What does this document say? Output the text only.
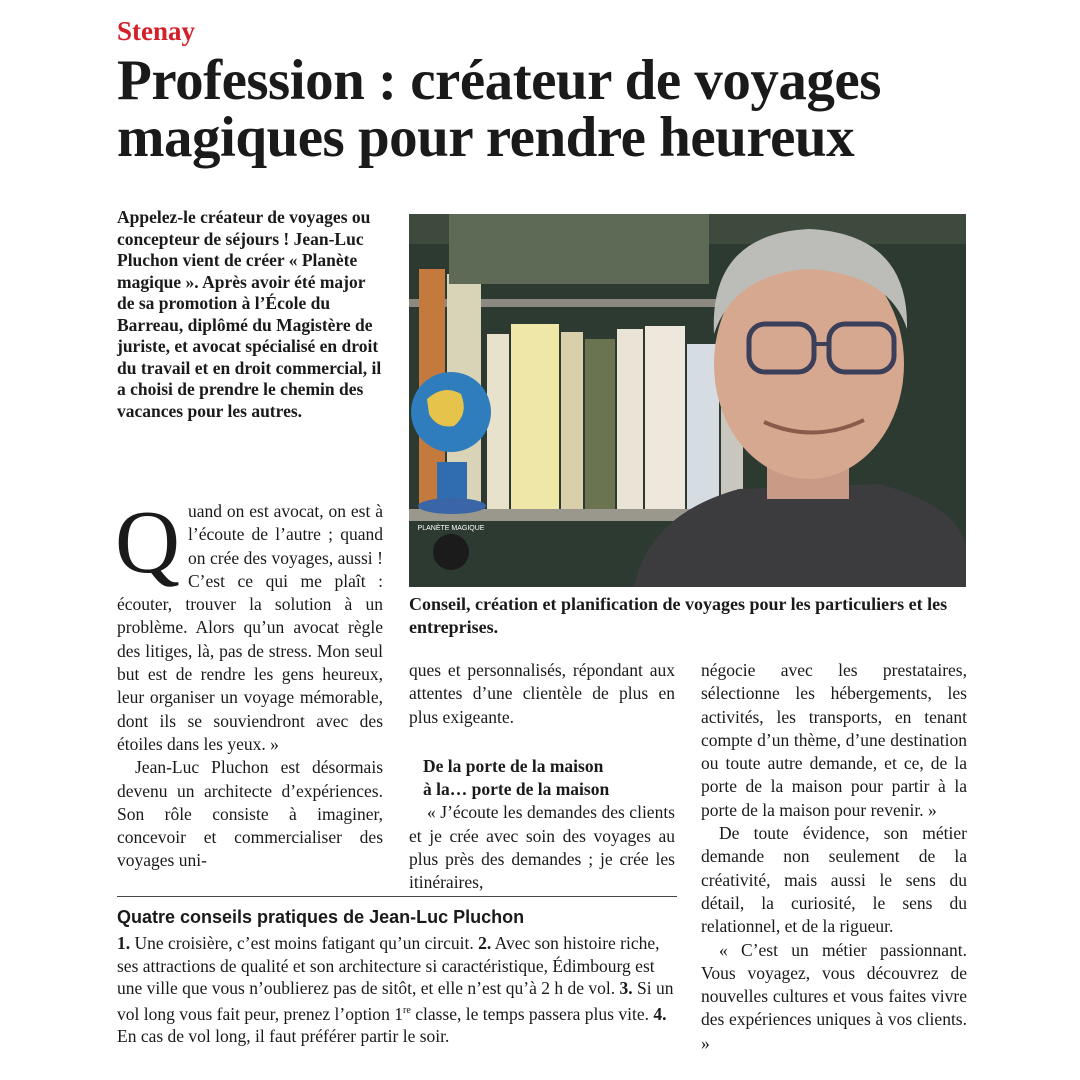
Stenay
Profession : créateur de voyages magiques pour rendre heureux
Appelez-le créateur de voyages ou concepteur de séjours ! Jean-Luc Pluchon vient de créer « Planète magique ». Après avoir été major de sa promotion à l’École du Barreau, diplômé du Magistère de juriste, et avocat spécialisé en droit du travail et en droit commercial, il a choisi de prendre le chemin des vacances pour les autres.
PLANÈTE MAGIQUE
Conseil, création et planification de voyages pour les particuliers et les entreprises.

Quand on est avocat, on est à l’écoute de l’autre ; quand on crée des voyages, aussi ! C’est ce qui me plaît : écouter, trouver la solution à un problème. Alors qu’un avocat règle des litiges, là, pas de stress. Mon seul but est de rendre les gens heureux, leur organiser un voyage mémorable, dont ils se souviendront avec des étoiles dans les yeux. »

Jean-Luc Pluchon est désormais devenu un architecte d’expériences. Son rôle consiste à imaginer, concevoir et commercialiser des voyages uni-

ques et personnalisés, répondant aux attentes d’une clientèle de plus en plus exigeante.

De la porte de la maison

à la… porte de la maison

« J’écoute les demandes des clients et je crée avec soin des voyages au plus près des demandes ; je crée les itinéraires,

négocie avec les prestataires, sélectionne les hébergements, les activités, les transports, en tenant compte d’un thème, d’une destination ou toute autre demande, et ce, de la porte de la maison pour partir à la porte de la maison pour revenir. »

De toute évidence, son métier demande non seulement de la créativité, mais aussi le sens du détail, la curiosité, le sens du relationnel, et de la rigueur.

« C’est un métier passionnant. Vous voyagez, vous découvrez de nouvelles cultures et vous faites vivre des expériences uniques à vos clients. »

Quatre conseils pratiques de Jean-Luc Pluchon

1. Une croisière, c’est moins fatigant qu’un circuit. 2. Avec son histoire riche, ses attractions de qualité et son architecture si caractéristique, Édimbourg est une ville que vous n’oublierez pas de sitôt, et elle n’est qu’à 2 h de vol. 3. Si un vol long vous fait peur, prenez l’option 1re classe, le temps passera plus vite. 4. En cas de vol long, il faut préférer partir le soir.
